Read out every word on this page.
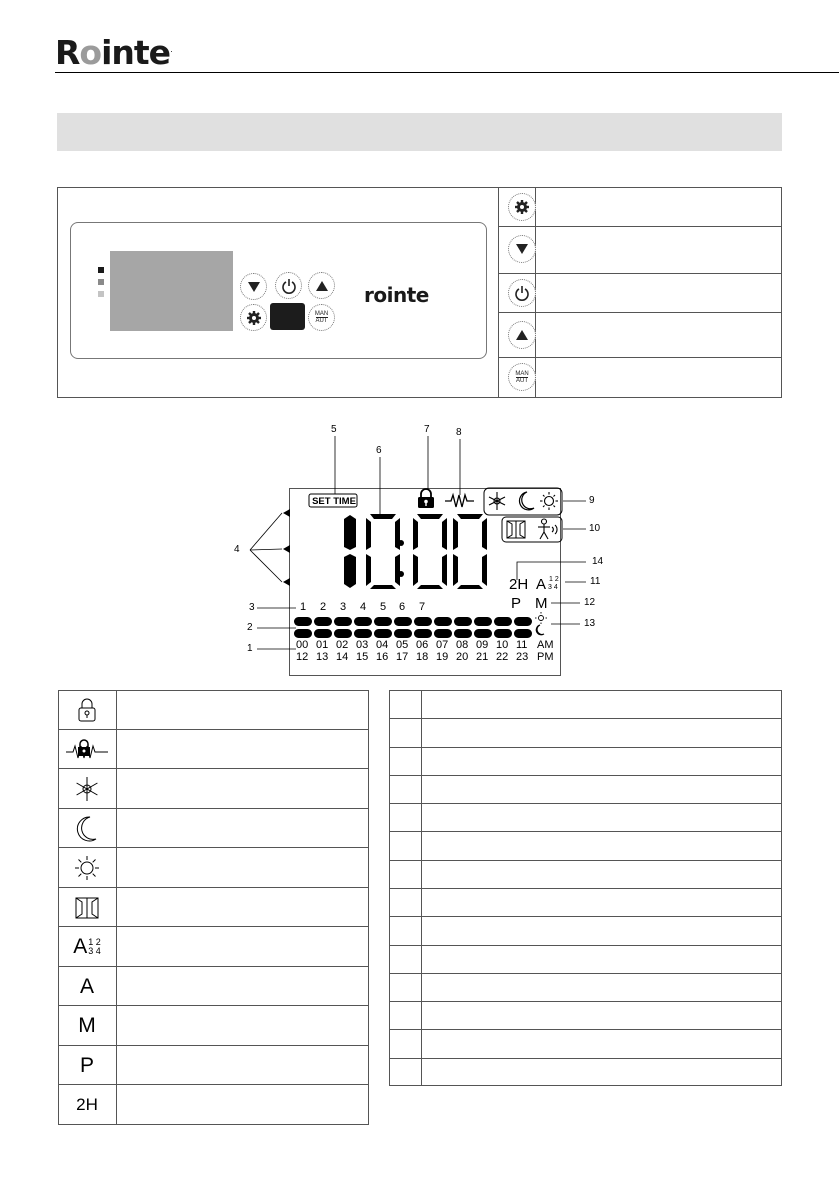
Rointe.
MAN
AUT
rointe
MAN
AUT
SET TIME
2H A 1 2
3 4
P M
1 2 3 4 5 6 7
00 01 02 03 04 05 06 07 08 09 10 11
12 13 14 15 16 17 18 19 20 21 22 23
AM
PM
1
2
3
4
5
6
7	8
9
10
11
12
13
14
A 1 2
3 4
A
M
P
2H
